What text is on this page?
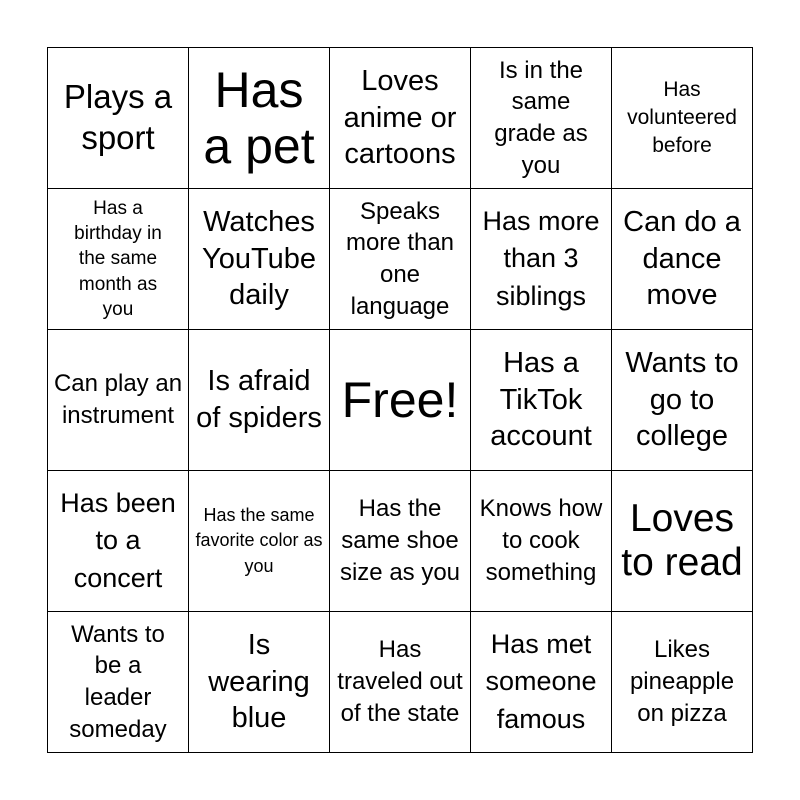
Plays a sport
Has a pet
Loves anime or cartoons
Is in the same grade as you
Has volunteered before
Has a birthday in the same month as you
Watches YouTube daily
Speaks more than one language
Has more than 3 siblings
Can do a dance move
Can play an instrument
Is afraid of spiders Free!
Has a TikTok account
Wants to go to college
Has been to a concert
Has the same favorite color as you
Has the same shoe size as you
Knows how to cook something
Loves to read
Wants to be a leader someday
Is wearing blue
Has traveled out of the state
Has met someone famous
Likes pineapple on pizza
